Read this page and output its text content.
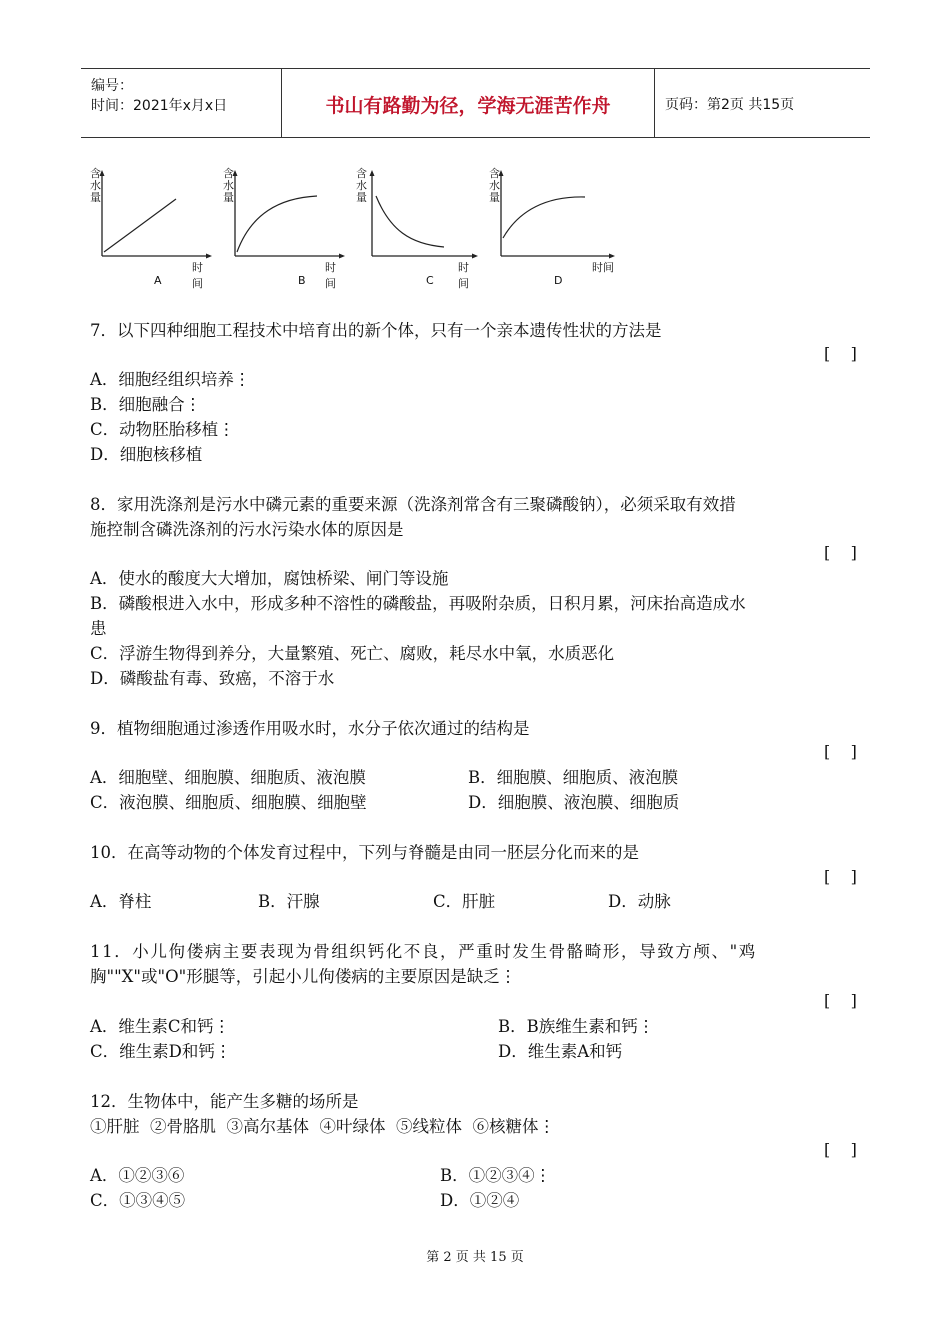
编号：
时间：2021年x月x日	书山有路勤为径，学海无涯苦作舟	页码：第2页 共15页
含水量
时间
A
含水量
时间
B
含水量
时间
C
含水量
时间
D
7．以下四种细胞工程技术中培育出的新个体，只有一个亲本遗传性状的方法是
[    ]
A．细胞经组织培养⋮
B．细胞融合⋮
C．动物胚胎移植⋮
D．细胞核移植
8．家用洗涤剂是污水中磷元素的重要来源（洗涤剂常含有三聚磷酸钠），必须采取有效措
施控制含磷洗涤剂的污水污染水体的原因是
[    ]
A．使水的酸度大大增加，腐蚀桥梁、闸门等设施
B．磷酸根进入水中，形成多种不溶性的磷酸盐，再吸附杂质，日积月累，河床抬高造成水
患
C．浮游生物得到养分，大量繁殖、死亡、腐败，耗尽水中氧，水质恶化
D．磷酸盐有毒、致癌，不溶于水
9．植物细胞通过渗透作用吸水时，水分子依次通过的结构是
[    ]
A．细胞壁、细胞膜、细胞质、液泡膜	B．细胞膜、细胞质、液泡膜
C．液泡膜、细胞质、细胞膜、细胞壁	D．细胞膜、液泡膜、细胞质
10．在高等动物的个体发育过程中，下列与脊髓是由同一胚层分化而来的是
[    ]
A．脊柱	B．汗腺	C．肝脏	D．动脉
11．小儿佝偻病主要表现为骨组织钙化不良，严重时发生骨骼畸形，导致方颅、"鸡
胸""X"或"O"形腿等，引起小儿佝偻病的主要原因是缺乏⋮
[    ]
A．维生素C和钙⋮	B．B族维生素和钙⋮
C．维生素D和钙⋮	D．维生素A和钙
12．生物体中，能产生多糖的场所是
①肝脏  ②骨胳肌  ③高尔基体  ④叶绿体  ⑤线粒体  ⑥核糖体⋮
[    ]
A．①②③⑥	B．①②③④⋮
C．①③④⑤	D．①②④
第 2 页 共 15 页
